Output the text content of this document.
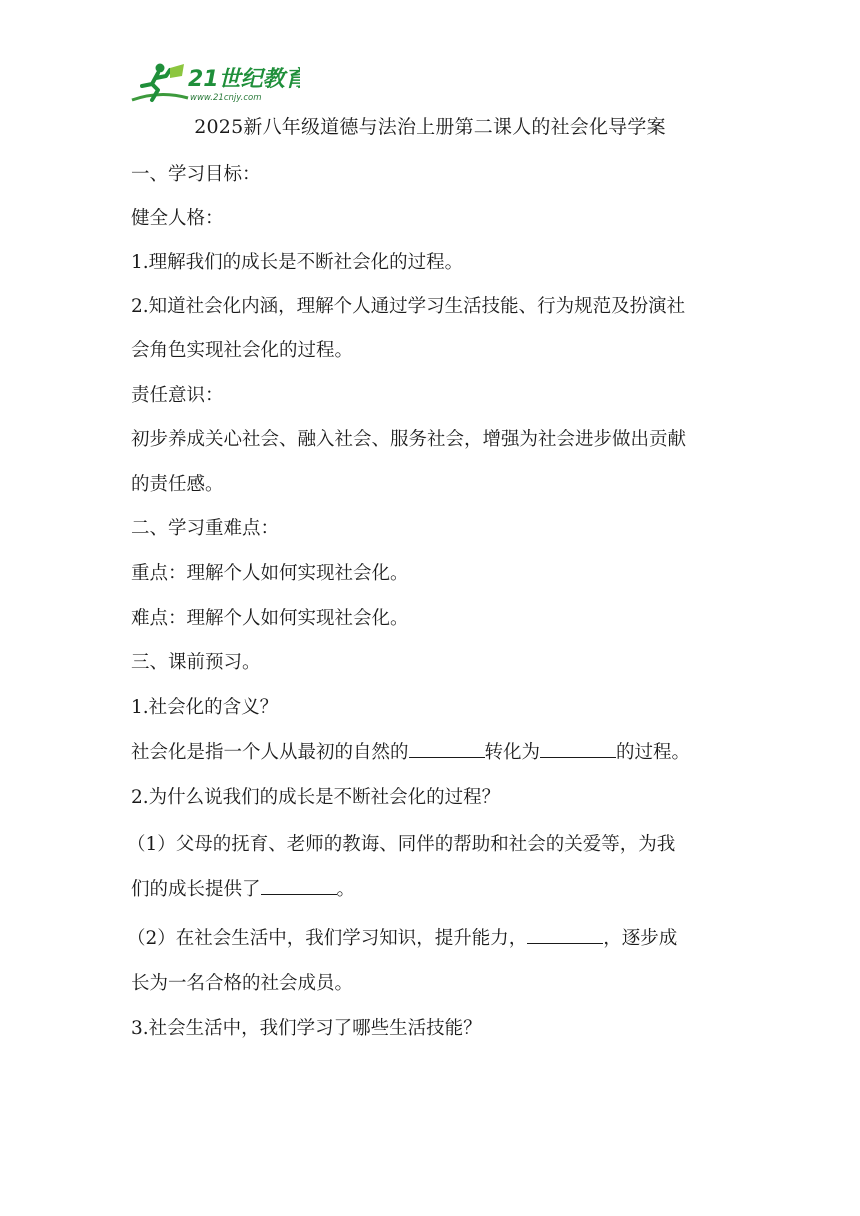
21世纪教育
www.21cnjy.com
2025新八年级道德与法治上册第二课人的社会化导学案
一、学习目标：
健全人格：
1.理解我们的成长是不断社会化的过程。
2.知道社会化内涵，理解个人通过学习生活技能、行为规范及扮演社
会角色实现社会化的过程。
责任意识：
初步养成关心社会、融入社会、服务社会，增强为社会进步做出贡献
的责任感。
二、学习重难点：
重点：理解个人如何实现社会化。
难点：理解个人如何实现社会化。
三、课前预习。
1.社会化的含义？
社会化是指一个人从最初的自然的	转化为	的过程。
2.为什么说我们的成长是不断社会化的过程？
（1）父母的抚育、老师的教诲、同伴的帮助和社会的关爱等，为我
们的成长提供了	。
（2）在社会生活中，我们学习知识，提升能力，	，逐步成
长为一名合格的社会成员。
3.社会生活中，我们学习了哪些生活技能？
